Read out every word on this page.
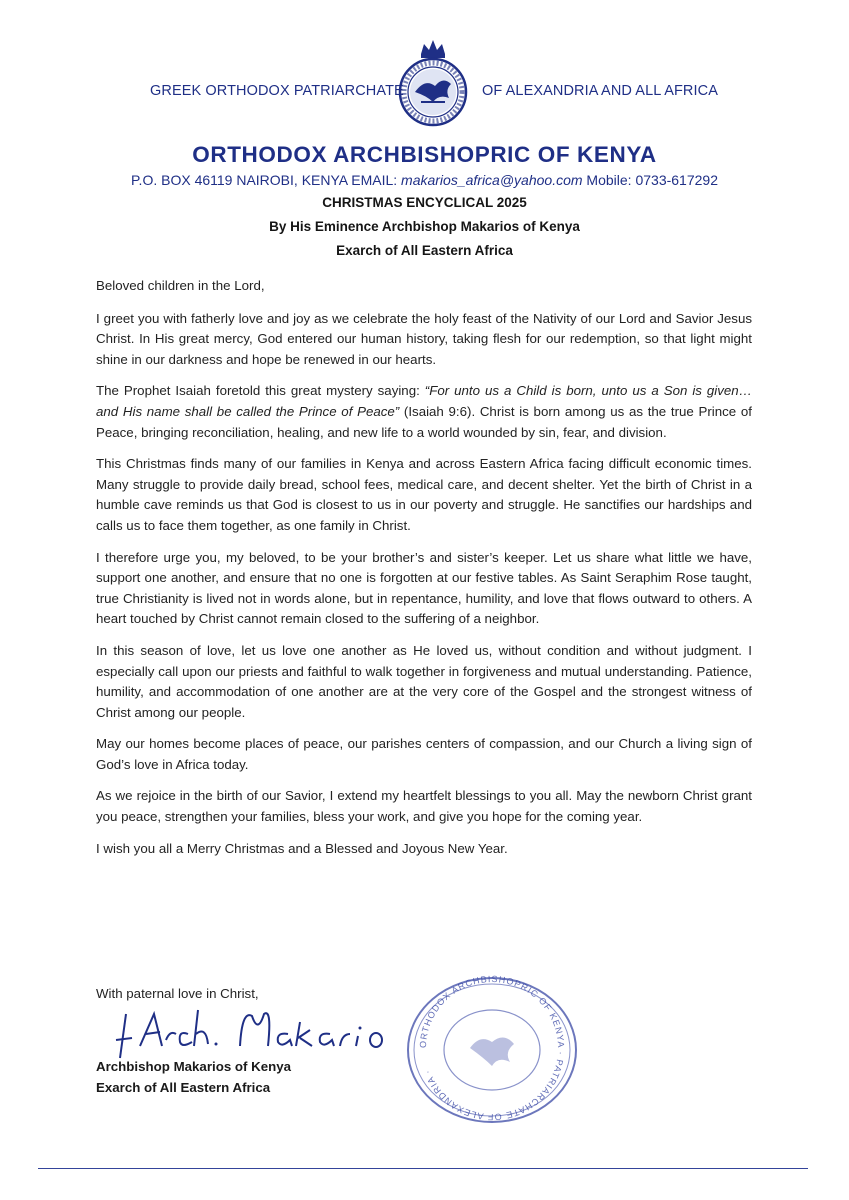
GREEK ORTHODOX PATRIARCHATE	OF ALEXANDRIA AND ALL AFRICA
ORTHODOX ARCHBISHOPRIC OF KENYA
P.O. BOX 46119 NAIROBI, KENYA EMAIL: makarios_africa@yahoo.com Mobile: 0733-617292
CHRISTMAS ENCYCLICAL 2025
By His Eminence Archbishop Makarios of Kenya
Exarch of All Eastern Africa

Beloved children in the Lord,

I greet you with fatherly love and joy as we celebrate the holy feast of the Nativity of our Lord and Savior Jesus Christ. In His great mercy, God entered our human history, taking flesh for our redemption, so that light might shine in our darkness and hope be renewed in our hearts.

The Prophet Isaiah foretold this great mystery saying: “For unto us a Child is born, unto us a Son is given… and His name shall be called the Prince of Peace” (Isaiah 9:6). Christ is born among us as the true Prince of Peace, bringing reconciliation, healing, and new life to a world wounded by sin, fear, and division.

This Christmas finds many of our families in Kenya and across Eastern Africa facing difficult economic times. Many struggle to provide daily bread, school fees, medical care, and decent shelter. Yet the birth of Christ in a humble cave reminds us that God is closest to us in our poverty and struggle. He sanctifies our hardships and calls us to face them together, as one family in Christ.

I therefore urge you, my beloved, to be your brother’s and sister’s keeper. Let us share what little we have, support one another, and ensure that no one is forgotten at our festive tables. As Saint Seraphim Rose taught, true Christianity is lived not in words alone, but in repentance, humility, and love that flows outward to others. A heart touched by Christ cannot remain closed to the suffering of a neighbor.

In this season of love, let us love one another as He loved us, without condition and without judgment. I especially call upon our priests and faithful to walk together in forgiveness and mutual understanding. Patience, humility, and accommodation of one another are at the very core of the Gospel and the strongest witness of Christ among our people.

May our homes become places of peace, our parishes centers of compassion, and our Church a living sign of God’s love in Africa today.

As we rejoice in the birth of our Savior, I extend my heartfelt blessings to you all. May the newborn Christ grant you peace, strengthen your families, bless your work, and give you hope for the coming year.

I wish you all a Merry Christmas and a Blessed and Joyous New Year.

With paternal love in Christ,
ORTHODOX ARCHBISHOPRIC OF KENYA · PATRIARCHATE OF ALEXANDRIA ·
Archbishop Makarios of Kenya
Exarch of All Eastern Africa
